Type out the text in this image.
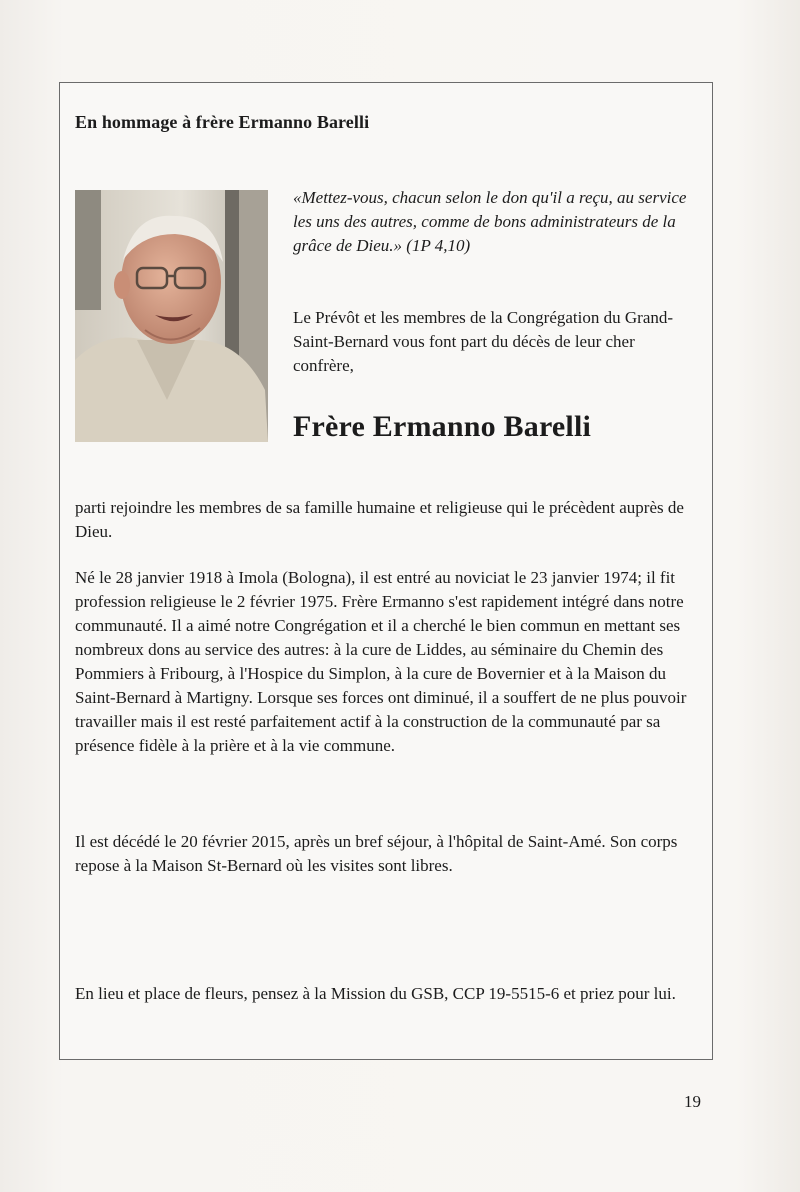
En hommage à frère Ermanno Barelli
«Mettez-vous, chacun selon le don qu'il a reçu, au service les uns des autres, comme de bons administrateurs de la grâce de Dieu.» (1P 4,10)
Le Prévôt et les membres de la Congrégation du Grand-Saint-Bernard vous font part du décès de leur cher confrère,
Frère Ermanno Barelli
parti rejoindre les membres de sa famille humaine et religieuse qui le précèdent auprès de Dieu.
Né le 28 janvier 1918 à Imola (Bologna), il est entré au noviciat le 23 janvier 1974; il fit profession religieuse le 2 février 1975. Frère Ermanno s'est rapidement intégré dans notre communauté. Il a aimé notre Congrégation et il a cherché le bien commun en mettant ses nombreux dons au service des autres: à la cure de Liddes, au séminaire du Chemin des Pommiers à Fribourg, à l'Hospice du Simplon, à la cure de Bovernier et à la Maison du Saint-Bernard à Martigny. Lorsque ses forces ont diminué, il a souffert de ne plus pouvoir travailler mais il est resté parfaitement actif à la construction de la communauté par sa présence fidèle à la prière et à la vie commune.
Il est décédé le 20 février 2015, après un bref séjour, à l'hôpital de Saint-Amé. Son corps repose à la Maison St-Bernard où les visites sont libres.
En lieu et place de fleurs, pensez à la Mission du GSB, CCP 19-5515-6 et priez pour lui.
19
